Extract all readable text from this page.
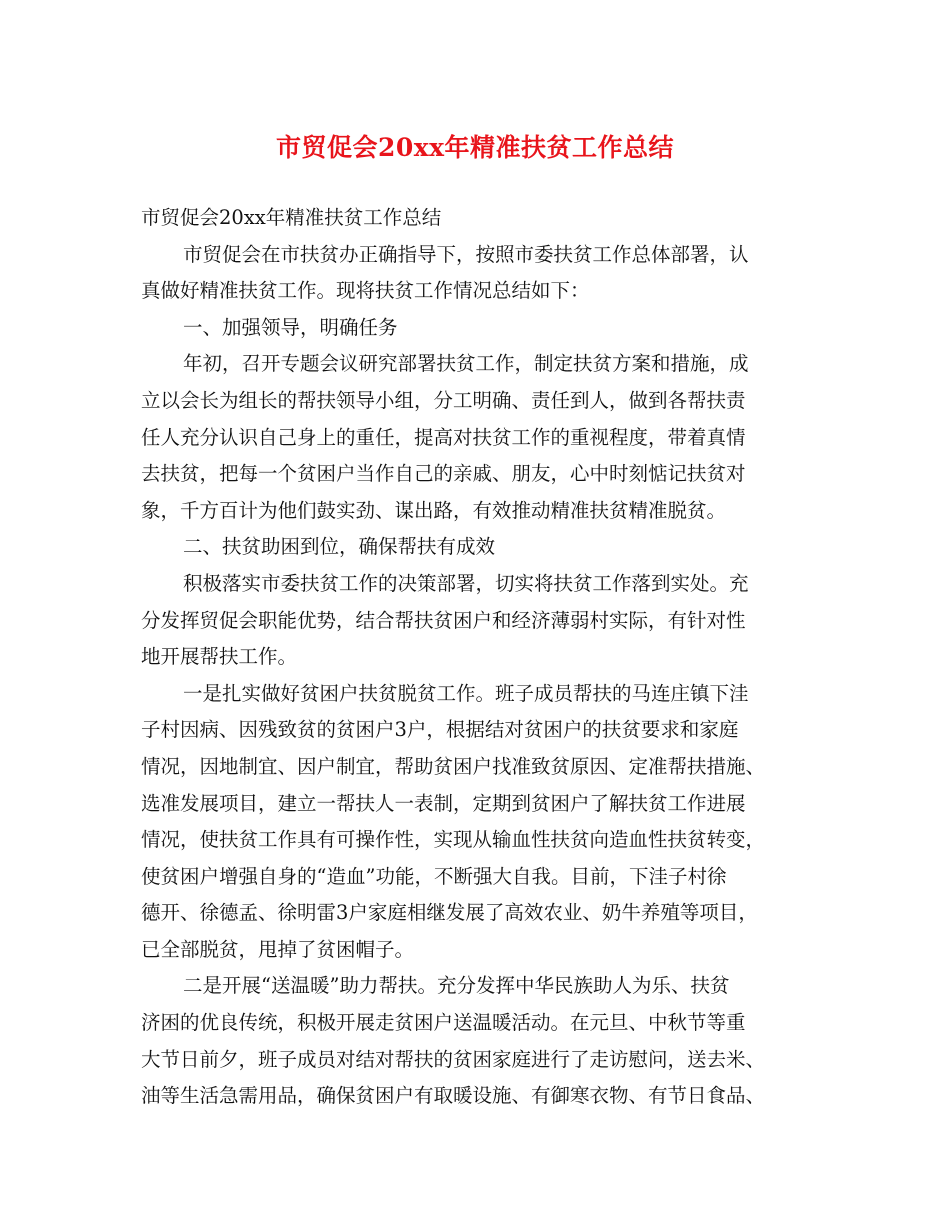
市贸促会20xx年精准扶贫工作总结
市贸促会20xx年精准扶贫工作总结
市贸促会在市扶贫办正确指导下，按照市委扶贫工作总体部署，认
真做好精准扶贫工作。现将扶贫工作情况总结如下：
一、加强领导，明确任务
年初，召开专题会议研究部署扶贫工作，制定扶贫方案和措施，成
立以会长为组长的帮扶领导小组，分工明确、责任到人，做到各帮扶责
任人充分认识自己身上的重任，提高对扶贫工作的重视程度，带着真情
去扶贫，把每一个贫困户当作自己的亲戚、朋友，心中时刻惦记扶贫对
象，千方百计为他们鼓实劲、谋出路，有效推动精准扶贫精准脱贫。
二、扶贫助困到位，确保帮扶有成效
积极落实市委扶贫工作的决策部署，切实将扶贫工作落到实处。充
分发挥贸促会职能优势，结合帮扶贫困户和经济薄弱村实际，有针对性
地开展帮扶工作。
一是扎实做好贫困户扶贫脱贫工作。班子成员帮扶的马连庄镇下洼
子村因病、因残致贫的贫困户3户，根据结对贫困户的扶贫要求和家庭
情况，因地制宜、因户制宜，帮助贫困户找准致贫原因、定准帮扶措施、
选准发展项目，建立一帮扶人一表制，定期到贫困户了解扶贫工作进展
情况，使扶贫工作具有可操作性，实现从输血性扶贫向造血性扶贫转变，
使贫困户增强自身的“造血”功能，不断强大自我。目前，下洼子村徐
德开、徐德孟、徐明雷3户家庭相继发展了高效农业、奶牛养殖等项目，
已全部脱贫，甩掉了贫困帽子。
二是开展“送温暖”助力帮扶。充分发挥中华民族助人为乐、扶贫
济困的优良传统，积极开展走贫困户送温暖活动。在元旦、中秋节等重
大节日前夕，班子成员对结对帮扶的贫困家庭进行了走访慰问，送去米、
油等生活急需用品，确保贫困户有取暖设施、有御寒衣物、有节日食品、
